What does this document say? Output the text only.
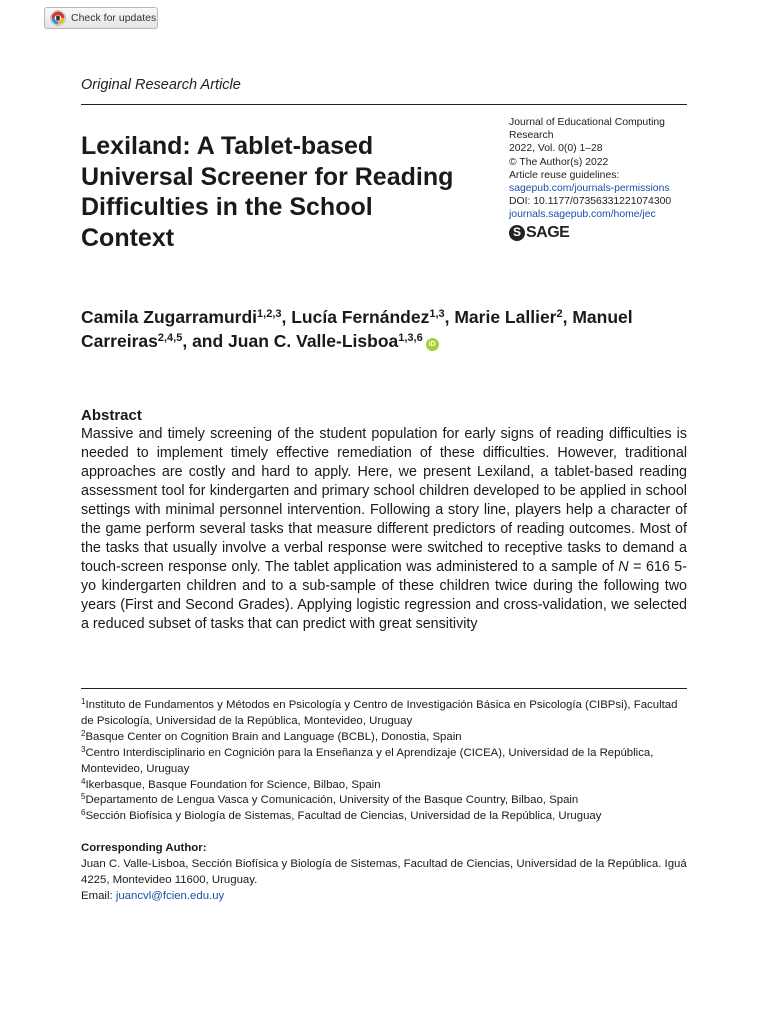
Check for updates
Original Research Article
Lexiland: A Tablet-based Universal Screener for Reading Difficulties in the School Context
Journal of Educational Computing Research
2022, Vol. 0(0) 1–28
© The Author(s) 2022
Article reuse guidelines:
sagepub.com/journals-permissions
DOI: 10.1177/07356331221074300
journals.sagepub.com/home/jec
S SAGE
Camila Zugarramurdi$^{1,2,3}$, Lucía Fernández$^{1,3}$, Marie Lallier$^2$, Manuel Carreiras$^{2,4,5}$, and Juan C. Valle-Lisboa$^{1,3,6}$iD
Abstract

Massive and timely screening of the student population for early signs of reading difficulties is needed to implement timely effective remediation of these difficulties. However, traditional approaches are costly and hard to apply. Here, we present Lexiland, a tablet-based reading assessment tool for kindergarten and primary school children developed to be applied in school settings with minimal personnel intervention. Following a story line, players help a character of the game perform several tasks that measure different predictors of reading outcomes. Most of the tasks that usually involve a verbal response were switched to receptive tasks to demand a touch-screen response only. The tablet application was administered to a sample of N = 616 5-yo kindergarten children and to a sub-sample of these children twice during the following two years (First and Second Grades). Applying logistic regression and cross-validation, we selected a reduced subset of tasks that can predict with great sensitivity

$^1$Instituto de Fundamentos y Métodos en Psicología y Centro de Investigación Básica en Psicología (CIBPsi), Facultad de Psicología, Universidad de la República, Montevideo, Uruguay
$^2$Basque Center on Cognition Brain and Language (BCBL), Donostia, Spain
$^3$Centro Interdisciplinario en Cognición para la Enseñanza y el Aprendizaje (CICEA), Universidad de la República, Montevideo, Uruguay
$^4$Ikerbasque, Basque Foundation for Science, Bilbao, Spain
$^5$Departamento de Lengua Vasca y Comunicación, University of the Basque Country, Bilbao, Spain
$^6$Sección Biofísica y Biología de Sistemas, Facultad de Ciencias, Universidad de la República, Uruguay
Corresponding Author:
Juan C. Valle-Lisboa, Sección Biofísica y Biología de Sistemas, Facultad de Ciencias, Universidad de la República. Iguá 4225, Montevideo 11600, Uruguay.
Email: juancvl@fcien.edu.uy
